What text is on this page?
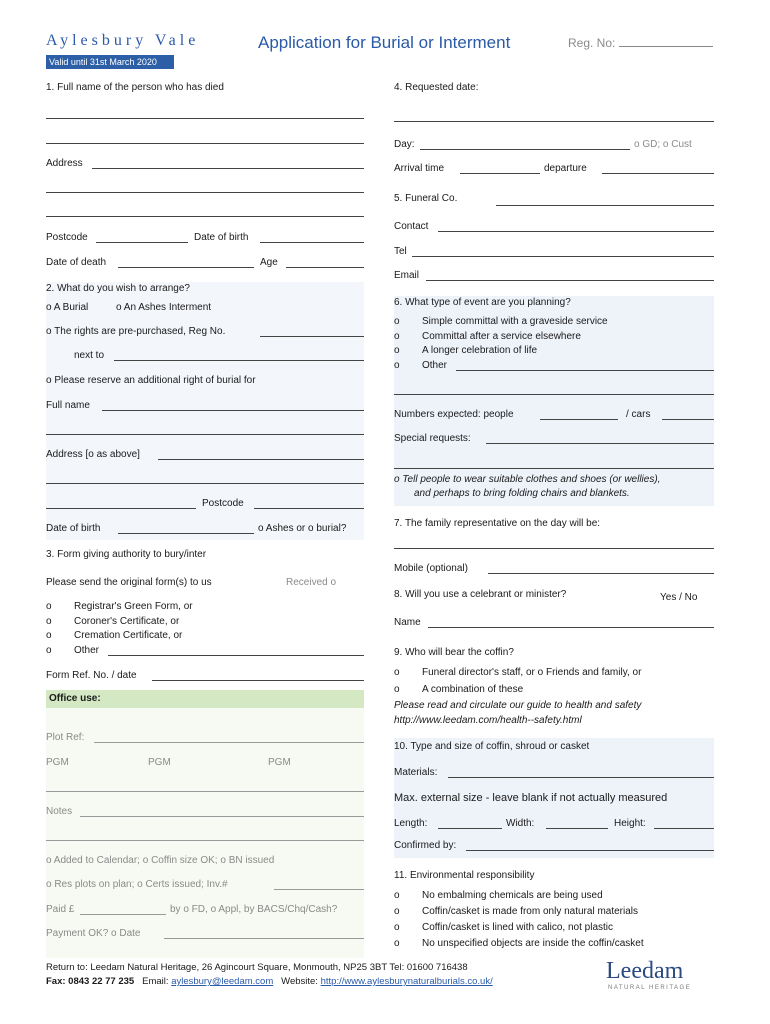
Aylesbury Vale	Application for Burial or Interment	Reg. No:
Valid until 31st March 2020
1. Full name of the person who has died
Address
Postcode	Date of birth
Date of death	Age
2. What do you wish to arrange?
o A Burial	o An Ashes Interment
o The rights are pre-purchased, Reg No.
next to
o Please reserve an additional right of burial for
Full name
Address [o as above]
Postcode
Date of birth	o Ashes or o burial?
3. Form giving authority to bury/inter
Please send the original form(s) to us	Received o
o Registrar's Green Form, or
o Coroner's Certificate, or
o Cremation Certificate, or
o Other
Form Ref. No. / date
Office use:
Plot Ref:
PGM	PGM	PGM
Notes
o Added to Calendar; o Coffin size OK; o BN issued
o Res plots on plan; o Certs issued; Inv.#
Paid £	by o FD, o Appl, by BACS/Chq/Cash?
Payment OK? o Date
4. Requested date:
Day:	o GD; o Cust
Arrival time	departure
5. Funeral Co.
Contact
Tel
Email
6. What type of event are you planning?
o Simple committal with a graveside service
o Committal after a service elsewhere
o A longer celebration of life
o Other
Numbers expected: people	/ cars
Special requests:
o Tell people to wear suitable clothes and shoes (or wellies),
and perhaps to bring folding chairs and blankets.
7. The family representative on the day will be:
Mobile (optional)
8. Will you use a celebrant or minister?	Yes / No
Name
9. Who will bear the coffin?
o Funeral director's staff, or o Friends and family, or
o A combination of these
Please read and circulate our guide to health and safety
http://www.leedam.com/health--safety.html
10. Type and size of coffin, shroud or casket
Materials:
Max. external size - leave blank if not actually measured
Length:	Width:	Height:
Confirmed by:
11. Environmental responsibility
o No embalming chemicals are being used
o Coffin/casket is made from only natural materials
o Coffin/casket is lined with calico, not plastic
o No unspecified objects are inside the coffin/casket
Return to: Leedam Natural Heritage, 26 Agincourt Square, Monmouth, NP25 3BT Tel: 01600 716438
Fax: 0843 22 77 235 Email: aylesbury@leedam.com Website: http://www.aylesburynaturalburials.co.uk/	Leedam
NATURAL HERITAGE
